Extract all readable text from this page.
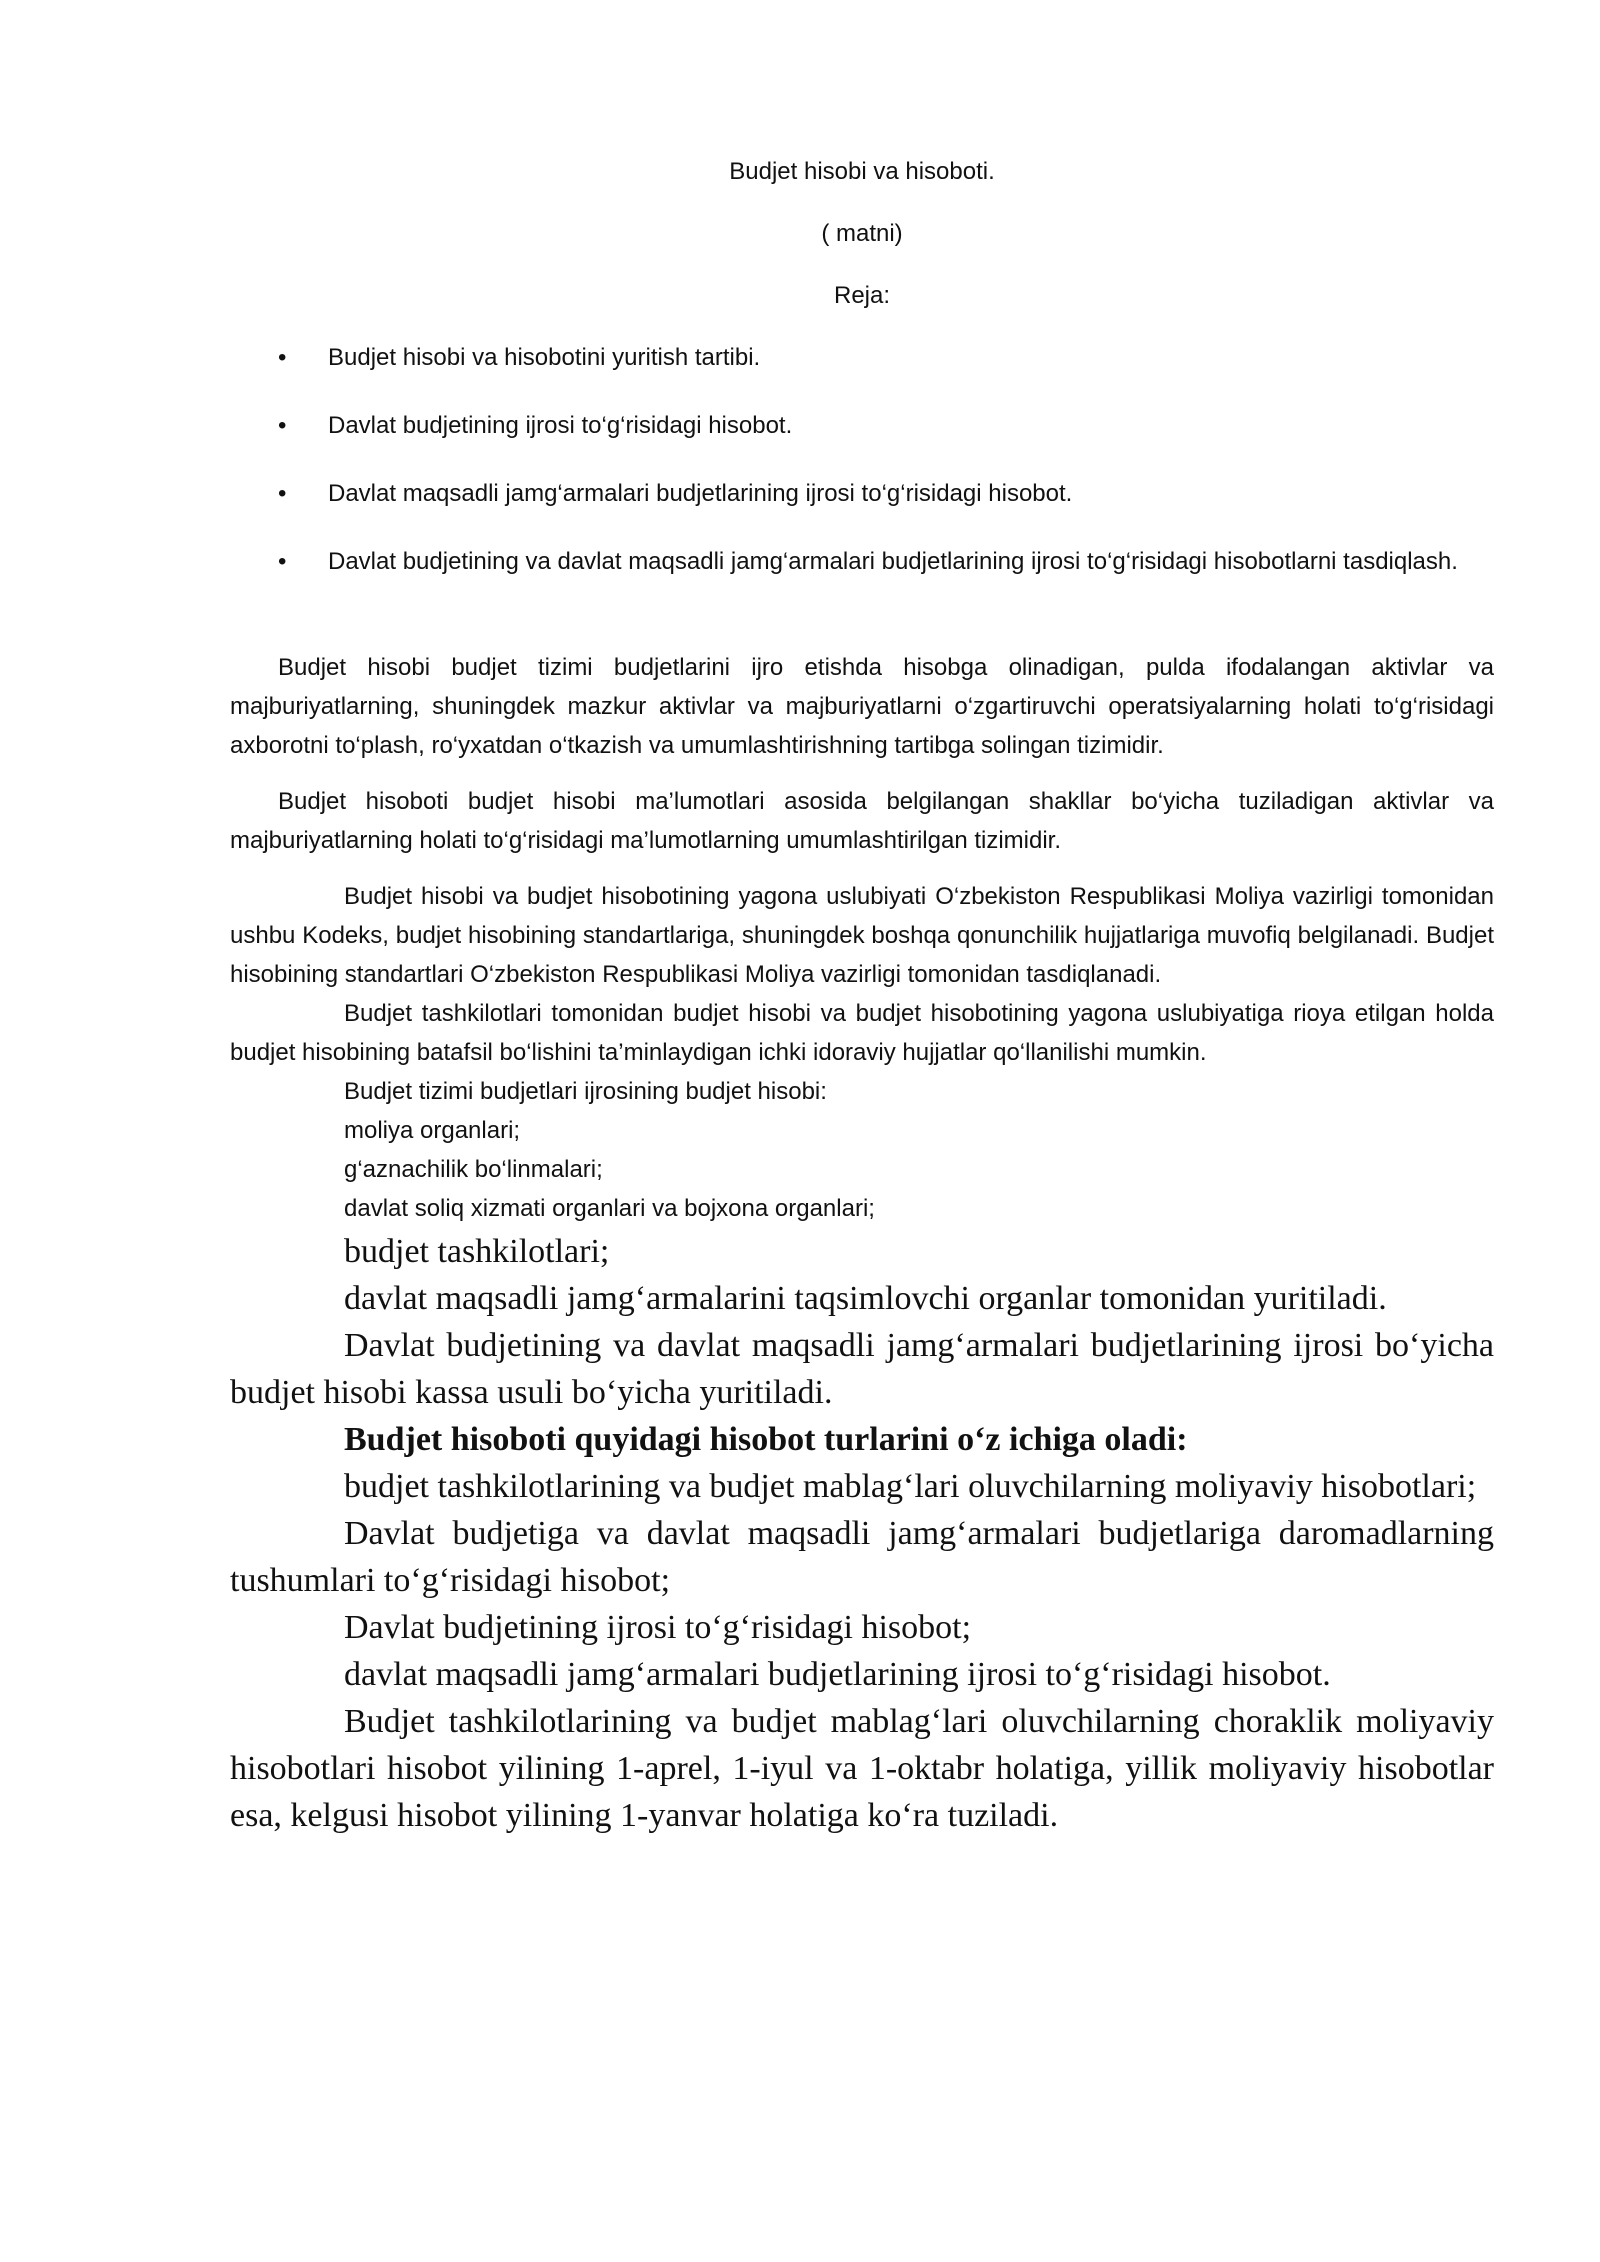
Budjet hisobi va hisoboti.

( matni)

Reja:

• Budjet hisobi va hisobotini yuritish tartibi.
• Davlat budjetining ijrosi to‘g‘risidagi hisobot.
• Davlat maqsadli jamg‘armalari budjetlarining ijrosi to‘g‘risidagi hisobot.
• Davlat budjetining va davlat maqsadli jamg‘armalari budjetlarining ijrosi to‘g‘risidagi hisobotlarni tasdiqlash.

Budjet hisobi budjet tizimi budjetlarini ijro etishda hisobga olinadigan, pulda ifodalangan aktivlar va majburiyatlarning, shuningdek mazkur aktivlar va majburiyatlarni o‘zgartiruvchi operatsiyalarning holati to‘g‘risidagi axborotni to‘plash, ro‘yxatdan o‘tkazish va umumlashtirishning tartibga solingan tizimidir.

Budjet hisoboti budjet hisobi ma’lumotlari asosida belgilangan shakllar bo‘yicha tuziladigan aktivlar va majburiyatlarning holati to‘g‘risidagi ma’lumotlarning umumlashtirilgan tizimidir.

Budjet hisobi va budjet hisobotining yagona uslubiyati O‘zbekiston Respublikasi Moliya vazirligi tomonidan ushbu Kodeks, budjet hisobining standartlariga, shuningdek boshqa qonunchilik hujjatlariga muvofiq belgilanadi. Budjet hisobining standartlari O‘zbekiston Respublikasi Moliya vazirligi tomonidan tasdiqlanadi.

Budjet tashkilotlari tomonidan budjet hisobi va budjet hisobotining yagona uslubiyatiga rioya etilgan holda budjet hisobining batafsil bo‘lishini ta’minlaydigan ichki idoraviy hujjatlar qo‘llanilishi mumkin.

Budjet tizimi budjetlari ijrosining budjet hisobi:

moliya organlari;

g‘aznachilik bo‘linmalari;

davlat soliq xizmati organlari va bojxona organlari;

budjet tashkilotlari;

davlat maqsadli jamg‘armalarini taqsimlovchi organlar tomonidan yuritiladi.

Davlat budjetining va davlat maqsadli jamg‘armalari budjetlarining ijrosi bo‘yicha budjet hisobi kassa usuli bo‘yicha yuritiladi.

Budjet hisoboti quyidagi hisobot turlarini o‘z ichiga oladi:

budjet tashkilotlarining va budjet mablag‘lari oluvchilarning moliyaviy hisobotlari;

Davlat budjetiga va davlat maqsadli jamg‘armalari budjetlariga daromadlarning tushumlari to‘g‘risidagi hisobot;

Davlat budjetining ijrosi to‘g‘risidagi hisobot;

davlat maqsadli jamg‘armalari budjetlarining ijrosi to‘g‘risidagi hisobot.

Budjet tashkilotlarining va budjet mablag‘lari oluvchilarning choraklik moliyaviy hisobotlari hisobot yilining 1-aprel, 1-iyul va 1-oktabr holatiga, yillik moliyaviy hisobotlar esa, kelgusi hisobot yilining 1-yanvar holatiga ko‘ra tuziladi.
